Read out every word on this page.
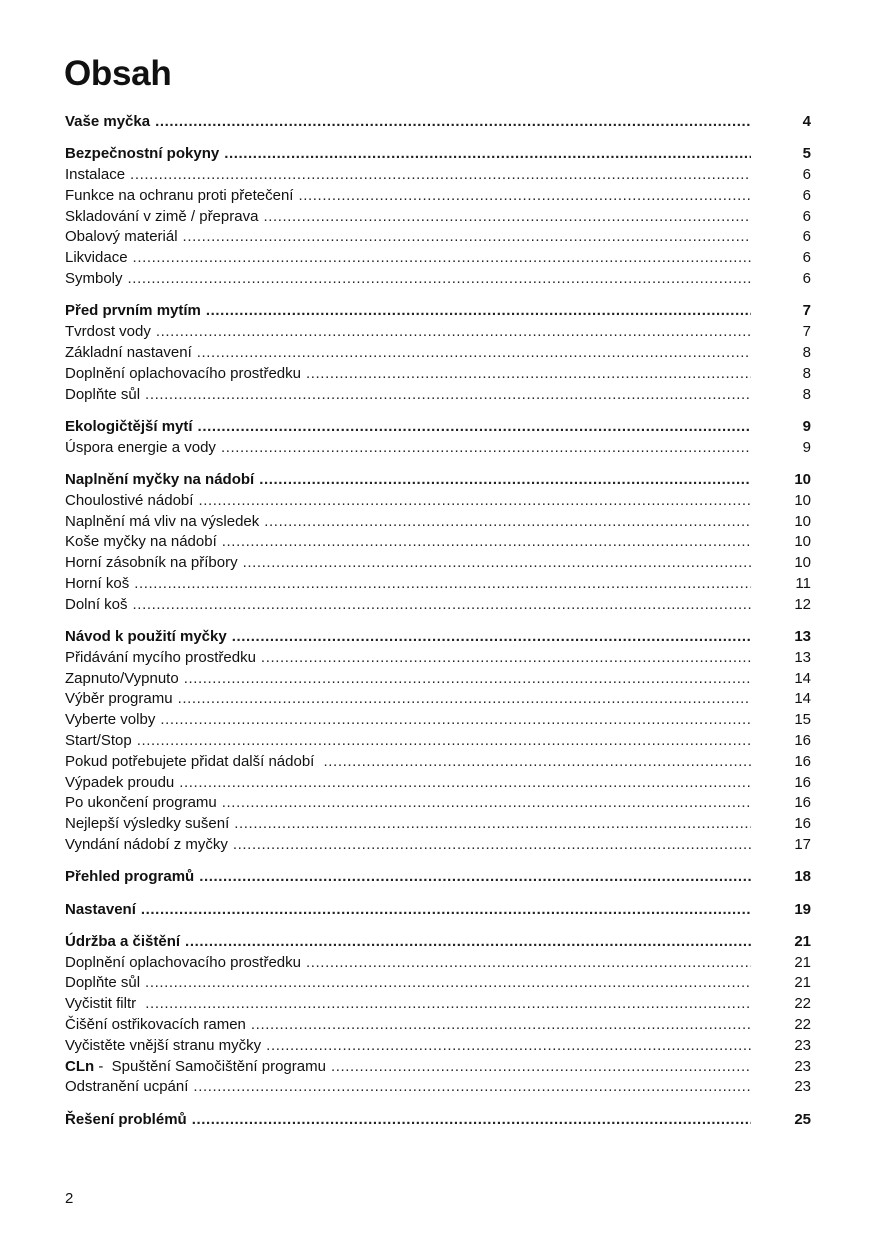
Obsah
Vaše myčka .....	4
Bezpečnostní pokyny .....	5
Instalace .....	6
Funkce na ochranu proti přetečení .....	6
Skladování v zimě / přeprava .....	6
Obalový materiál .....	6
Likvidace .....	6
Symboly .....	6
Před prvním mytím .....	7
Tvrdost vody .....	7
Základní nastavení .....	8
Doplnění oplachovacího prostředku .....	8
Doplňte sůl .....	8
Ekologičtější mytí .....	9
Úspora energie a vody .....	9
Naplnění myčky na nádobí .....	10
Choulostivé nádobí .....	10
Naplnění má vliv na výsledek .....	10
Koše myčky na nádobí .....	10
Horní zásobník na příbory .....	10
Horní koš .....	11
Dolní koš .....	12
Návod k použití myčky .....	13
Přidávání mycího prostředku .....	13
Zapnuto/Vypnuto .....	14
Výběr programu .....	14
Vyberte volby .....	15
Start/Stop .....	16
Pokud potřebujete přidat další nádobí .....	16
Výpadek proudu .....	16
Po ukončení programu .....	16
Nejlepší výsledky sušení .....	16
Vyndání nádobí z myčky .....	17
Přehled programů .....	18
Nastavení .....	19
Údržba a čištění .....	21
Doplnění oplachovacího prostředku .....	21
Doplňte sůl .....	21
Vyčistit filtr .....	22
Čišění ostřikovacích ramen .....	22
Vyčistěte vnější stranu myčky .....	23
CLn -  Spuštění Samočištění programu .....	23
Odstranění ucpání .....	23
Řešení problémů .....	25
2
